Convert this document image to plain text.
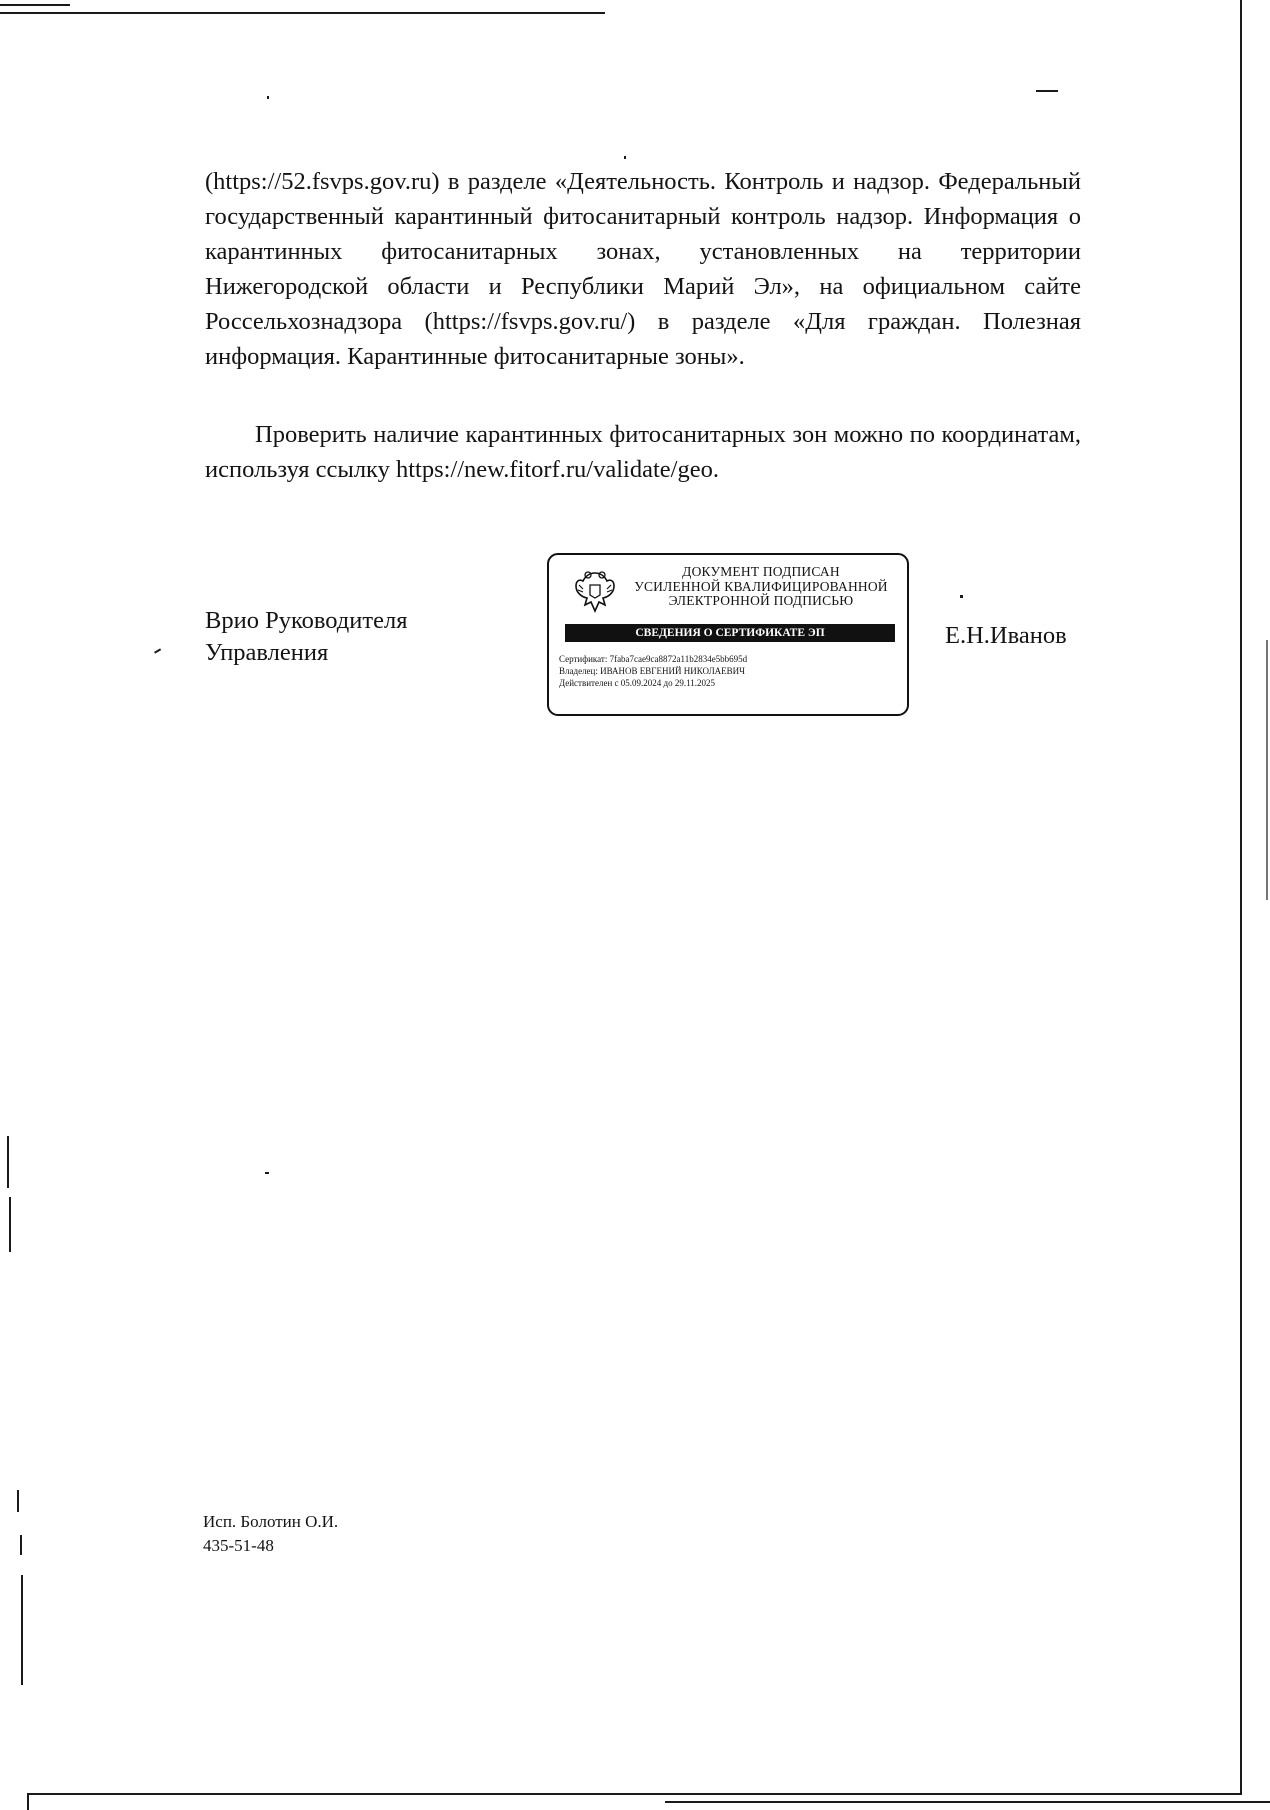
(https://52.fsvps.gov.ru) в разделе «Деятельность. Контроль и надзор. Федеральный государственный карантинный фитосанитарный контроль надзор. Информация о карантинных фитосанитарных зонах, установленных на территории Нижегородской области и Республики Марий Эл», на официальном сайте Россельхознадзора (https://fsvps.gov.ru/) в разделе «Для граждан. Полезная информация. Карантинные фитосанитарные зоны».

Проверить наличие карантинных фитосанитарных зон можно по координатам, используя ссылку https://new.fitorf.ru/validate/geo.

Врио Руководителя
Управления
ДОКУМЕНТ ПОДПИСАН
УСИЛЕННОЙ КВАЛИФИЦИРОВАННОЙ
ЭЛЕКТРОННОЙ ПОДПИСЬЮ
СВЕДЕНИЯ О СЕРТИФИКАТЕ ЭП
Сертификат: 7fаba7cae9ca8872a11b2834e5bb695d
Владелец: ИВАНОВ ЕВГЕНИЙ НИКОЛАЕВИЧ
Действителен с 05.09.2024 до 29.11.2025
Е.Н.Иванов
Исп. Болотин О.И.
435-51-48
